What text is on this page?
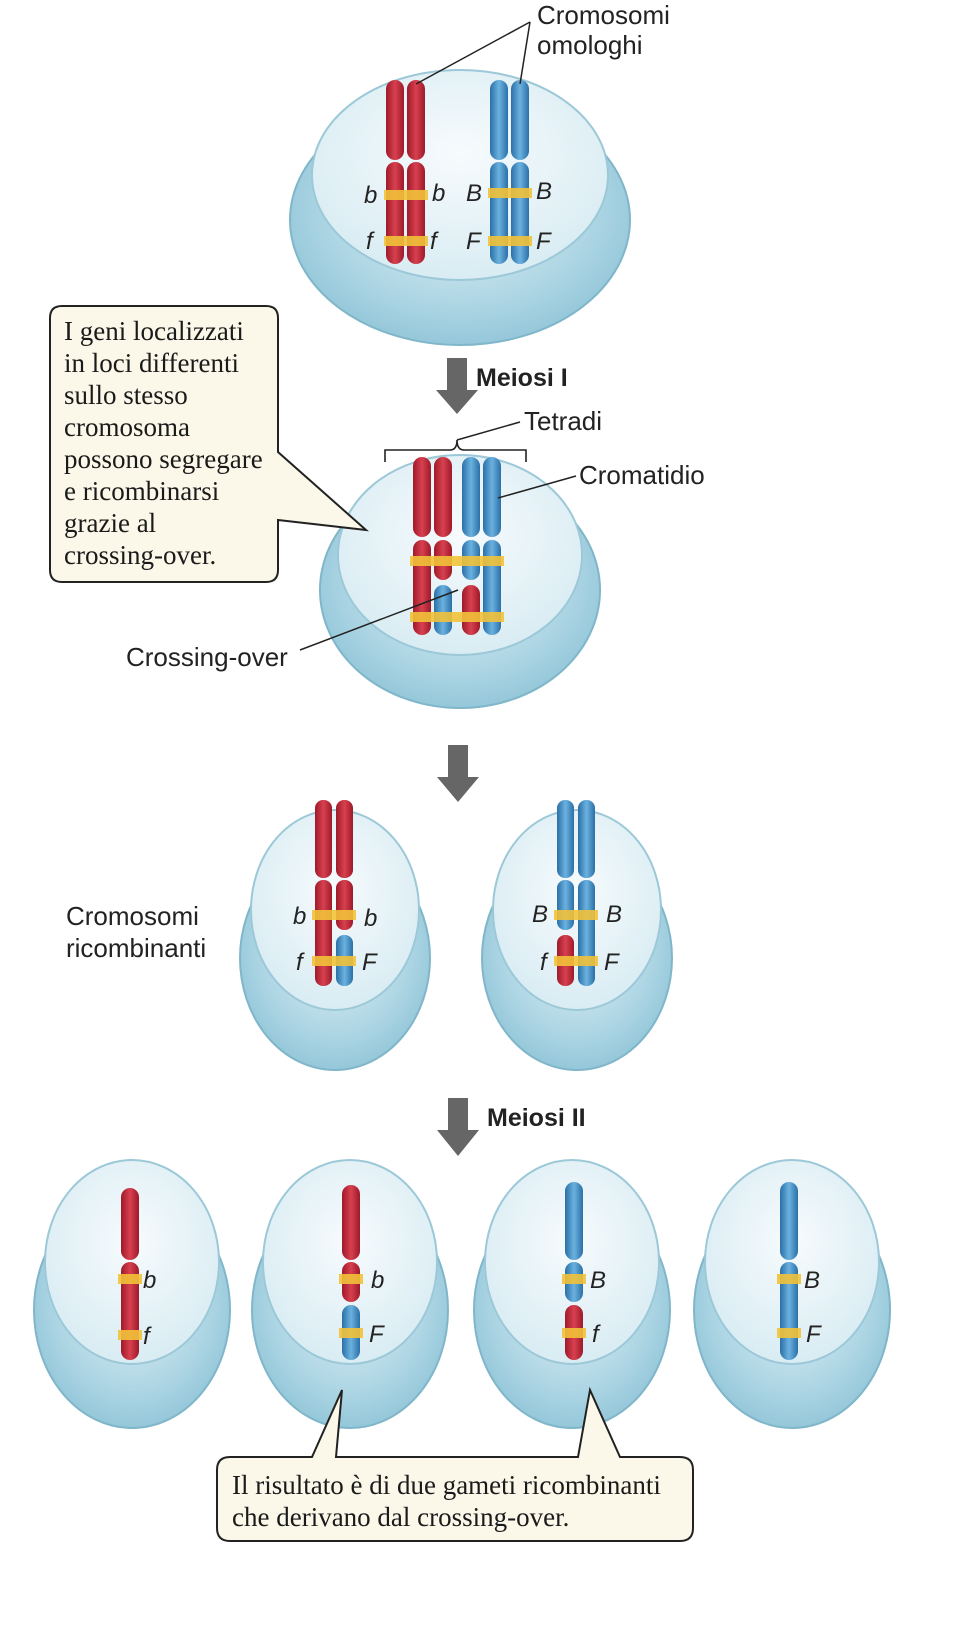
b b
f f
B B
F F
Cromosomi
omologhi
Meiosi I
Tetradi
Cromatidio
Crossing-over
I geni localizzati
in loci differenti
sullo stesso
cromosoma
possono segregare
e ricombinarsi
grazie al
crossing-over.
b b
f F
Cromosomi
ricombinanti
B B
f F
Meiosi II
b
f
b
F
B
f
B
F
Il risultato è di due gameti ricombinanti
che derivano dal crossing-over.
